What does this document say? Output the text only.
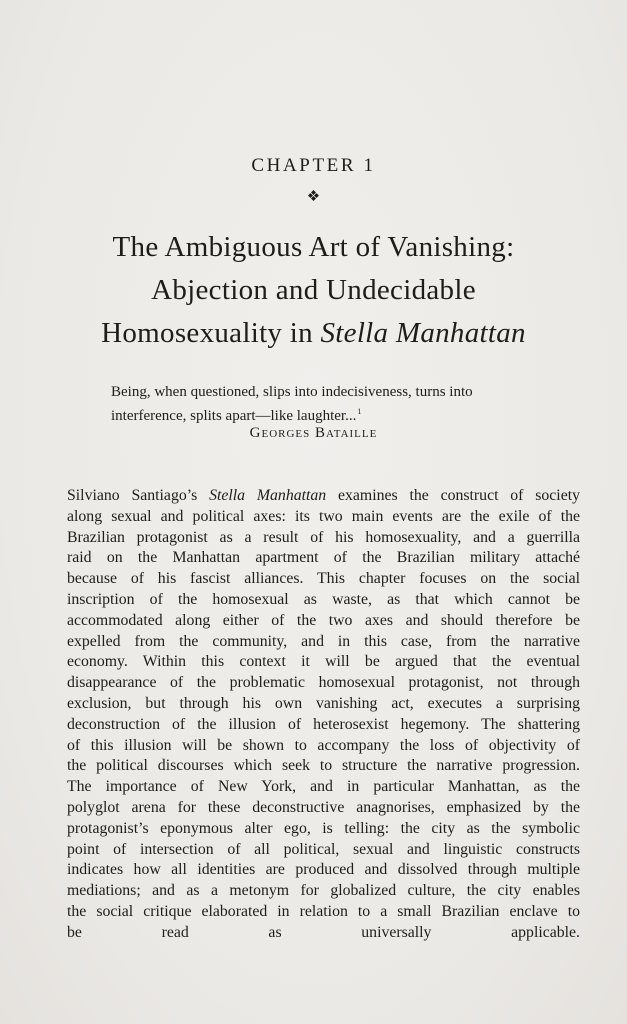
CHAPTER 1
❖
The Ambiguous Art of Vanishing:
Abjection and Undecidable
Homosexuality in Stella Manhattan
Being, when questioned, slips into indecisiveness, turns into interference, splits apart—like laughter...$^1$
Georges Bataille
Silviano Santiago’s Stella Manhattan examines the construct of society
along sexual and political axes: its two main events are the exile of the
Brazilian protagonist as a result of his homosexuality, and a guerrilla
raid on the Manhattan apartment of the Brazilian military attaché
because of his fascist alliances. This chapter focuses on the social
inscription of the homosexual as waste, as that which cannot be
accommodated along either of the two axes and should therefore be
expelled from the community, and in this case, from the narrative
economy. Within this context it will be argued that the eventual
disappearance of the problematic homosexual protagonist, not through
exclusion, but through his own vanishing act, executes a surprising
deconstruction of the illusion of heterosexist hegemony. The shattering
of this illusion will be shown to accompany the loss of objectivity of
the political discourses which seek to structure the narrative progression.
The importance of New York, and in particular Manhattan, as the
polyglot arena for these deconstructive anagnorises, emphasized by the
protagonist’s eponymous alter ego, is telling: the city as the symbolic
point of intersection of all political, sexual and linguistic constructs
indicates how all identities are produced and dissolved through multiple
mediations; and as a metonym for globalized culture, the city enables
the social critique elaborated in relation to a small Brazilian enclave to
be read as universally applicable.
